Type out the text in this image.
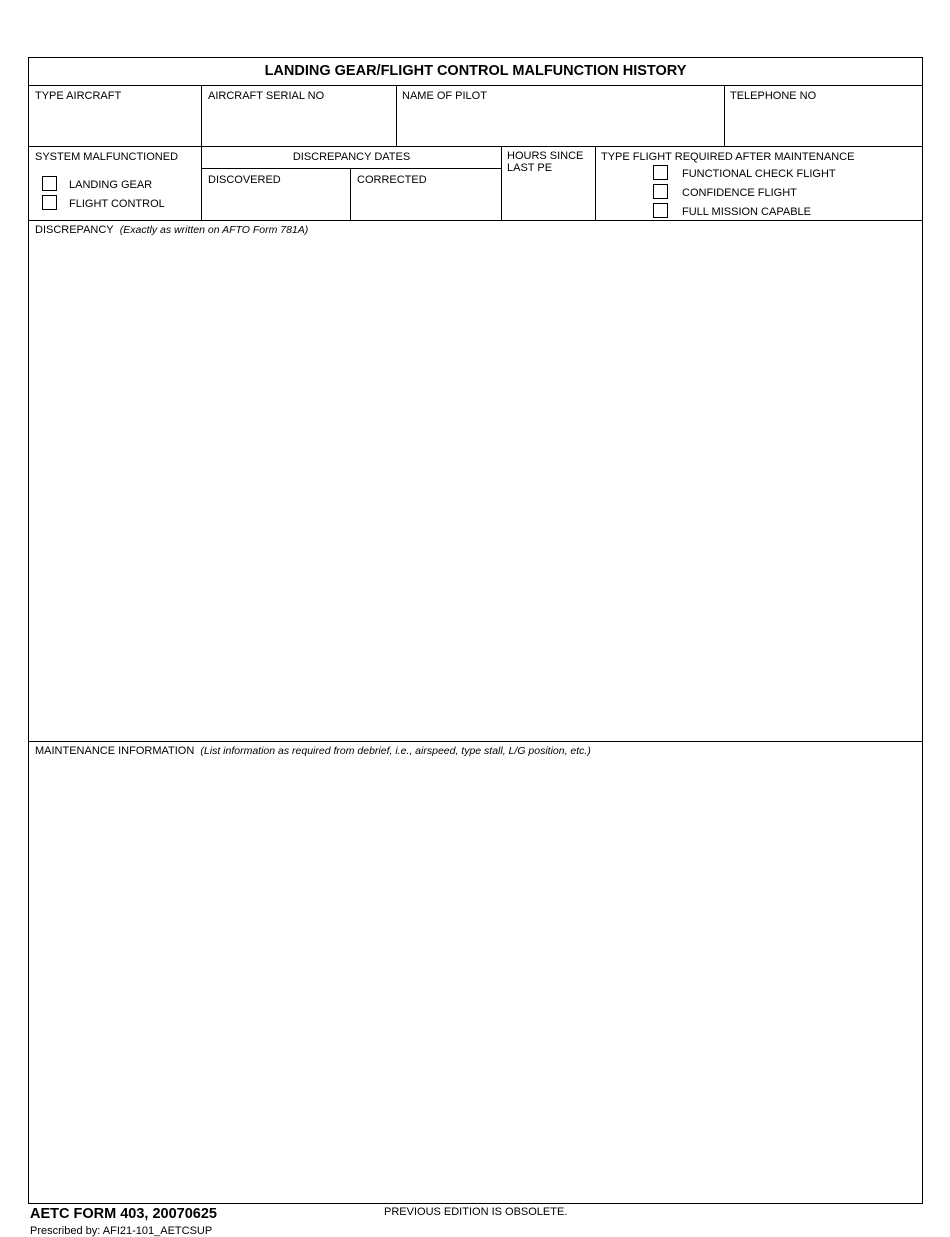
LANDING GEAR/FLIGHT CONTROL MALFUNCTION HISTORY
TYPE AIRCRAFT	AIRCRAFT SERIAL NO	NAME OF PILOT	TELEPHONE NO
SYSTEM MALFUNCTIONED
LANDING GEAR
FLIGHT CONTROL
DISCREPANCY DATES
DISCOVERED	CORRECTED
HOURS SINCE
LAST PE
TYPE FLIGHT REQUIRED AFTER MAINTENANCE
FUNCTIONAL CHECK FLIGHT
CONFIDENCE FLIGHT
FULL MISSION CAPABLE
DISCREPANCY (Exactly as written on AFTO Form 781A)
MAINTENANCE INFORMATION (List information as required from debrief, i.e., airspeed, type stall, L/G position, etc.)
AETC FORM 403, 20070625	PREVIOUS EDITION IS OBSOLETE.
Prescribed by: AFI21-101_AETCSUP
